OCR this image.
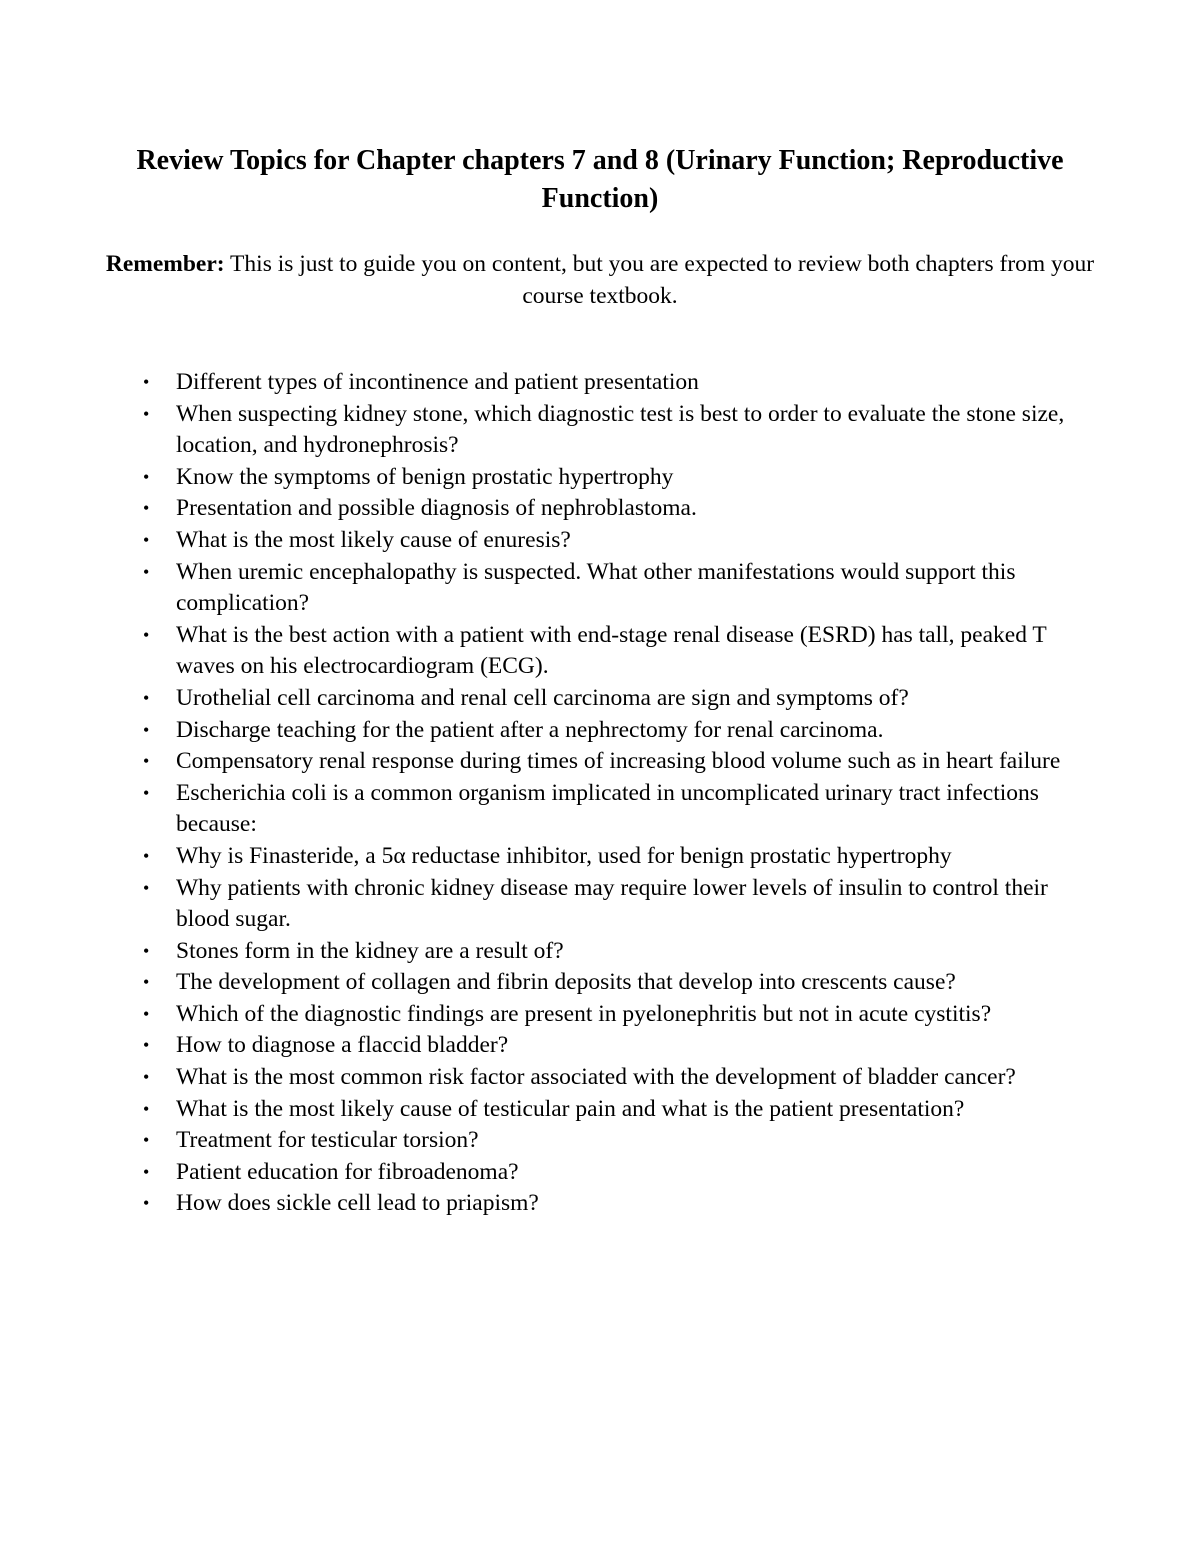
Review Topics for Chapter chapters 7 and 8 (Urinary Function; Reproductive Function)
Remember: This is just to guide you on content, but you are expected to review both chapters from your course textbook.
• Different types of incontinence and patient presentation
• When suspecting kidney stone, which diagnostic test is best to order to evaluate the stone size, location, and hydronephrosis?
• Know the symptoms of benign prostatic hypertrophy
• Presentation and possible diagnosis of nephroblastoma.
• What is the most likely cause of enuresis?
• When uremic encephalopathy is suspected. What other manifestations would support this complication?
• What is the best action with a patient with end-stage renal disease (ESRD) has tall, peaked T waves on his electrocardiogram (ECG).
• Urothelial cell carcinoma and renal cell carcinoma are sign and symptoms of?
• Discharge teaching for the patient after a nephrectomy for renal carcinoma.
• Compensatory renal response during times of increasing blood volume such as in heart failure
• Escherichia coli is a common organism implicated in uncomplicated urinary tract infections because:
• Why is Finasteride, a 5α reductase inhibitor, used for benign prostatic hypertrophy
• Why patients with chronic kidney disease may require lower levels of insulin to control their blood sugar.
• Stones form in the kidney are a result of?
• The development of collagen and fibrin deposits that develop into crescents cause?
• Which of the diagnostic findings are present in pyelonephritis but not in acute cystitis?
• How to diagnose a flaccid bladder?
• What is the most common risk factor associated with the development of bladder cancer?
• What is the most likely cause of testicular pain and what is the patient presentation?
• Treatment for testicular torsion?
• Patient education for fibroadenoma?
• How does sickle cell lead to priapism?
